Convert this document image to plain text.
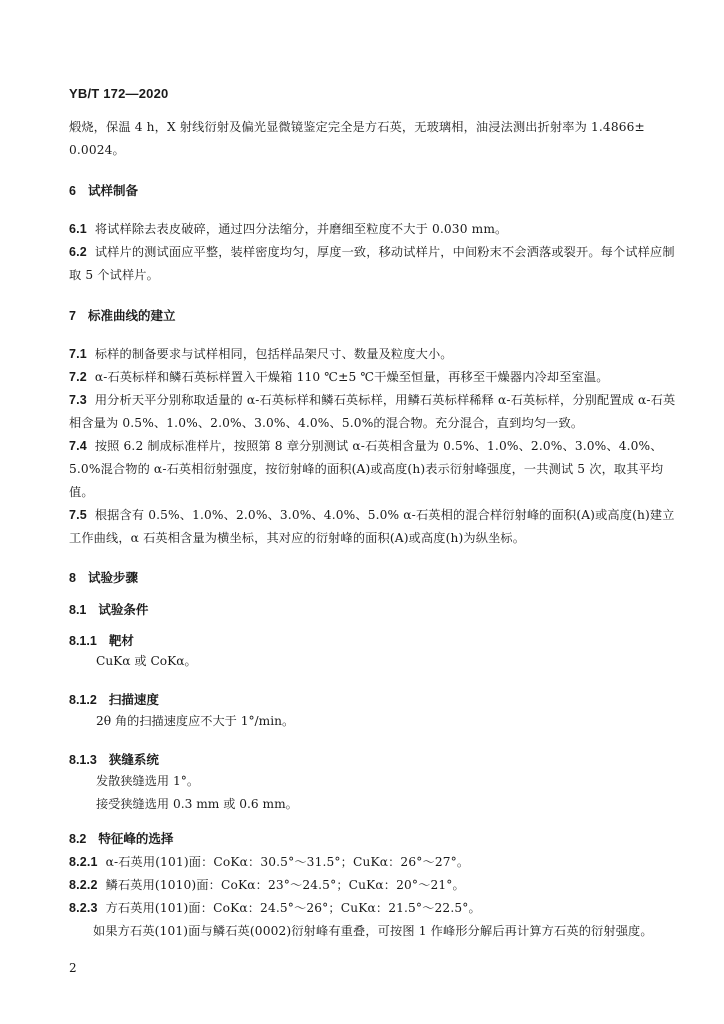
YB/T 172—2020
煅烧，保温 4 h，X 射线衍射及偏光显微镜鉴定完全是方石英，无玻璃相，油浸法测出折射率为 1.4866± 0.0024。
6 试样制备
6.1 将试样除去表皮破碎，通过四分法缩分，并磨细至粒度不大于 0.030 mm。
6.2 试样片的测试面应平整，装样密度均匀，厚度一致，移动试样片，中间粉末不会洒落或裂开。每个试样应制取 5 个试样片。
7 标准曲线的建立
7.1 标样的制备要求与试样相同，包括样品架尺寸、数量及粒度大小。
7.2 α-石英标样和鳞石英标样置入干燥箱 110 ℃±5 ℃干燥至恒量，再移至干燥器内冷却至室温。
7.3 用分析天平分别称取适量的 α-石英标样和鳞石英标样，用鳞石英标样稀释 α-石英标样，分别配置成 α-石英相含量为 0.5%、1.0%、2.0%、3.0%、4.0%、5.0%的混合物。充分混合，直到均匀一致。
7.4 按照 6.2 制成标准样片，按照第 8 章分别测试 α-石英相含量为 0.5%、1.0%、2.0%、3.0%、4.0%、5.0%混合物的 α-石英相衍射强度，按衍射峰的面积(A)或高度(h)表示衍射峰强度，一共测试 5 次，取其平均值。
7.5 根据含有 0.5%、1.0%、2.0%、3.0%、4.0%、5.0% α-石英相的混合样衍射峰的面积(A)或高度(h)建立工作曲线，α 石英相含量为横坐标，其对应的衍射峰的面积(A)或高度(h)为纵坐标。
8 试验步骤
8.1 试验条件
8.1.1 靶材
CuKα 或 CoKα。
8.1.2 扫描速度
2θ 角的扫描速度应不大于 1°/min。
8.1.3 狭缝系统
发散狭缝选用 1°。
接受狭缝选用 0.3 mm 或 0.6 mm。
8.2 特征峰的选择
8.2.1 α-石英用(101)面：CoKα：30.5°～31.5°；CuKα：26°～27°。
8.2.2 鳞石英用(1010)面：CoKα：23°～24.5°；CuKα：20°～21°。
8.2.3 方石英用(101)面：CoKα：24.5°～26°；CuKα：21.5°～22.5°。
如果方石英(101)面与鳞石英(0002)衍射峰有重叠，可按图 1 作峰形分解后再计算方石英的衍射强度。
2
